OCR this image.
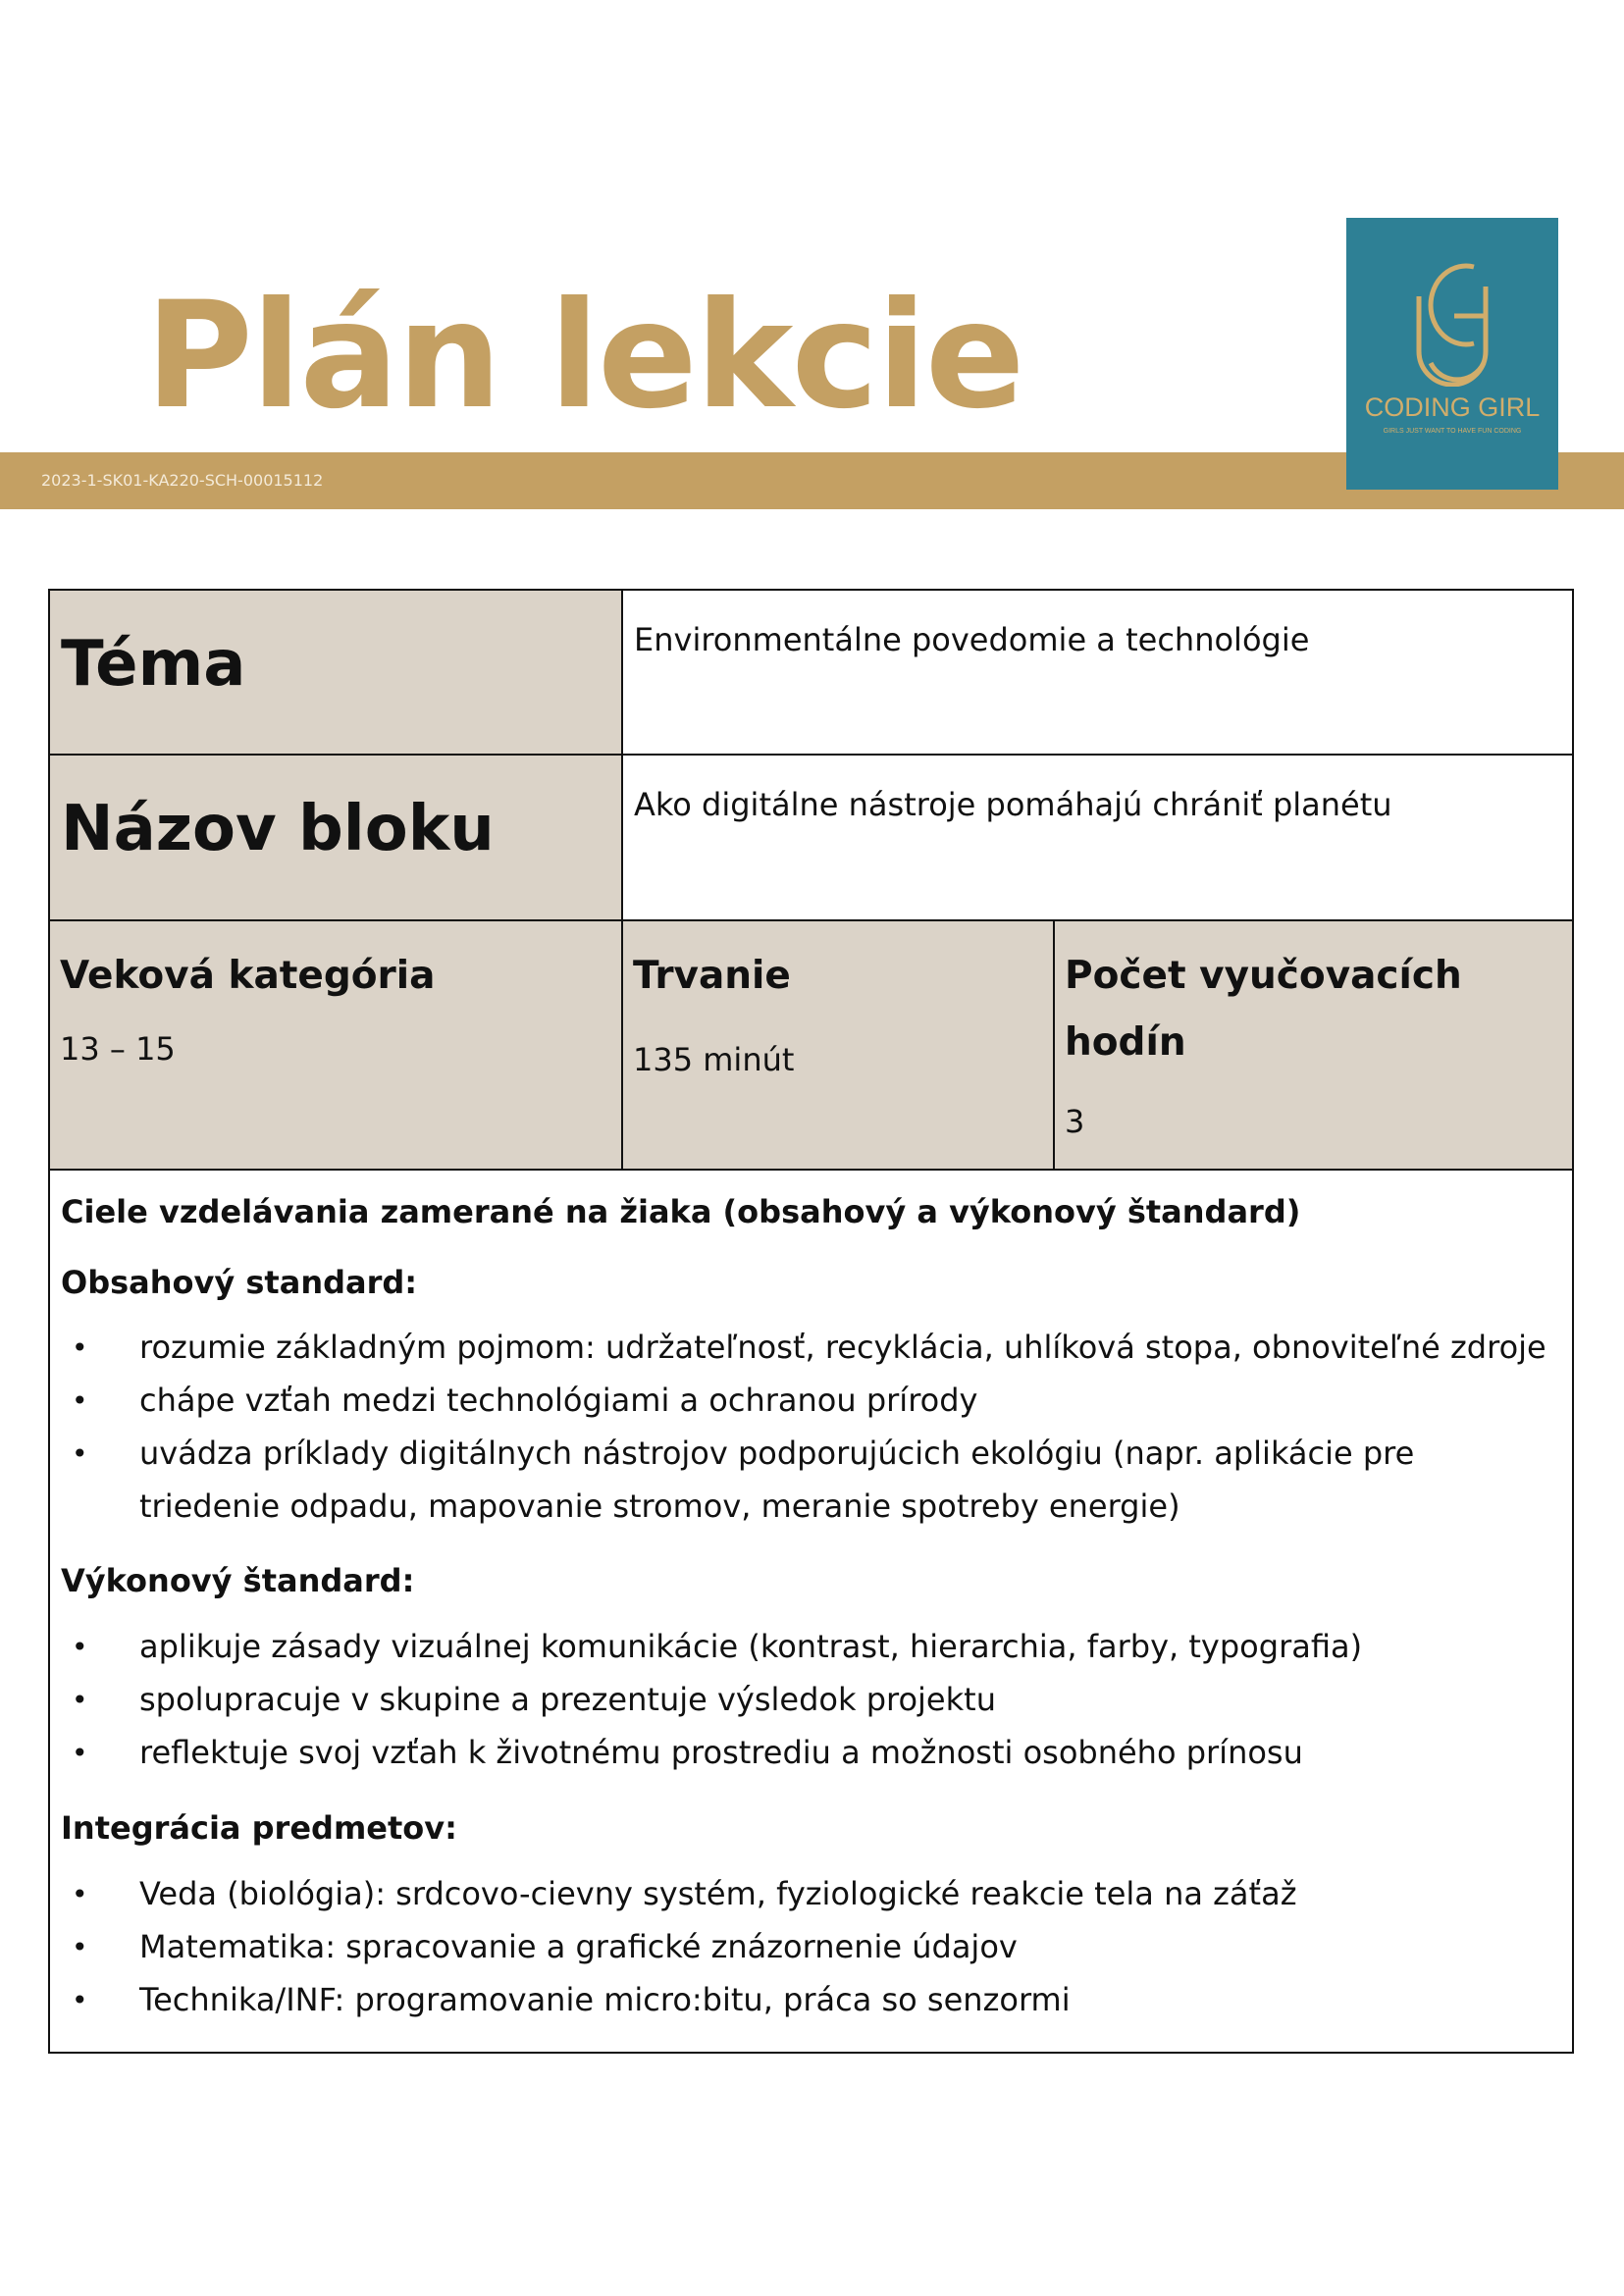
Plán lekcie
2023-1-SK01-KA220-SCH-00015112
CODING GIRL
GIRLS JUST WANT TO HAVE FUN CODING
Téma	Environmentálne povedomie a technológie
Názov bloku	Ako digitálne nástroje pomáhajú chrániť planétu
Veková kategória
13 – 15
Trvanie
135 minút
Počet vyučovacích
hodín
3
Ciele vzdelávania zamerané na žiaka (obsahový a výkonový štandard)
Obsahový standard:
• rozumie základným pojmom: udržateľnosť, recyklácia, uhlíková stopa, obnoviteľné zdroje
• chápe vzťah medzi technológiami a ochranou prírody
• uvádza príklady digitálnych nástrojov podporujúcich ekológiu (napr. aplikácie pre triedenie odpadu, mapovanie stromov, meranie spotreby energie)
Výkonový štandard:
• aplikuje zásady vizuálnej komunikácie (kontrast, hierarchia, farby, typografia)
• spolupracuje v skupine a prezentuje výsledok projektu
• reflektuje svoj vzťah k životnému prostrediu a možnosti osobného prínosu
Integrácia predmetov:
• Veda (biológia): srdcovo-cievny systém, fyziologické reakcie tela na záťaž
• Matematika: spracovanie a grafické znázornenie údajov
• Technika/INF: programovanie micro:bitu, práca so senzormi
